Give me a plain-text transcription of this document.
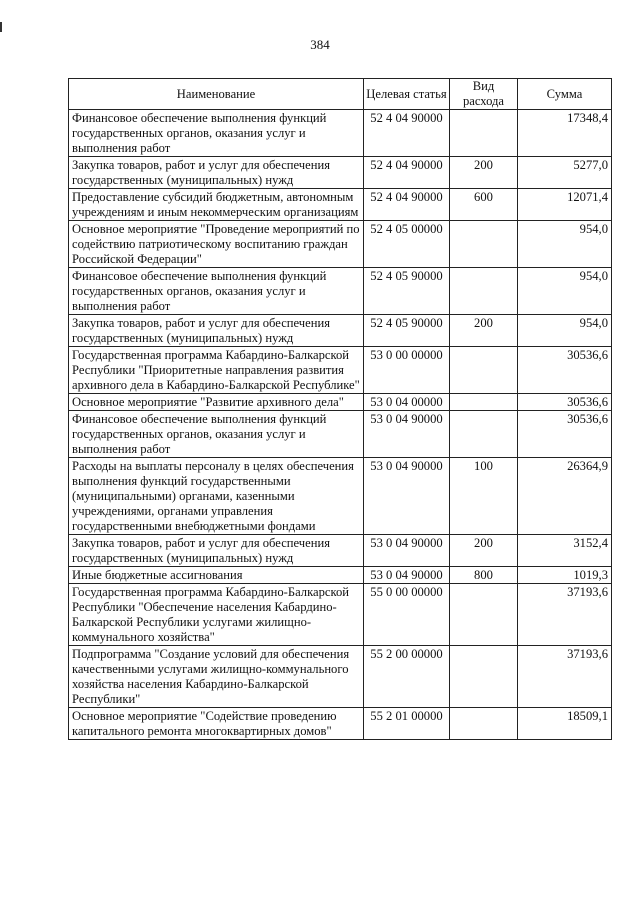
384
Наименование	Целевая статья	Вид расхода	Сумма
Финансовое обеспечение выполнения функций государственных органов, оказания услуг и выполнения работ	52 4 04 90000		17348,4
Закупка товаров, работ и услуг для обеспечения государственных (муниципальных) нужд	52 4 04 90000	200	5277,0
Предоставление субсидий бюджетным, автономным учреждениям и иным некоммерческим организациям	52 4 04 90000	600	12071,4
Основное мероприятие "Проведение мероприятий по содействию патриотическому воспитанию граждан Российской Федерации"	52 4 05 00000		954,0
Финансовое обеспечение выполнения функций государственных органов, оказания услуг и выполнения работ	52 4 05 90000		954,0
Закупка товаров, работ и услуг для обеспечения государственных (муниципальных) нужд	52 4 05 90000	200	954,0
Государственная программа Кабардино-Балкарской Республики "Приоритетные направления развития архивного дела в Кабардино-Балкарской Республике"	53 0 00 00000		30536,6
Основное мероприятие "Развитие архивного дела"	53 0 04 00000		30536,6
Финансовое обеспечение выполнения функций государственных органов, оказания услуг и выполнения работ	53 0 04 90000		30536,6
Расходы на выплаты персоналу в целях обеспечения выполнения функций государственными (муниципальными) органами, казенными учреждениями, органами управления государственными внебюджетными фондами	53 0 04 90000	100	26364,9
Закупка товаров, работ и услуг для обеспечения государственных (муниципальных) нужд	53 0 04 90000	200	3152,4
Иные бюджетные ассигнования	53 0 04 90000	800	1019,3
Государственная программа Кабардино-Балкарской Республики "Обеспечение населения Кабардино-Балкарской Республики услугами жилищно-коммунального хозяйства"	55 0 00 00000		37193,6
Подпрограмма "Создание условий для обеспечения качественными услугами жилищно-коммунального хозяйства населения Кабардино-Балкарской Республики"	55 2 00 00000		37193,6
Основное мероприятие "Содействие проведению капитального ремонта многоквартирных домов"	55 2 01 00000		18509,1
